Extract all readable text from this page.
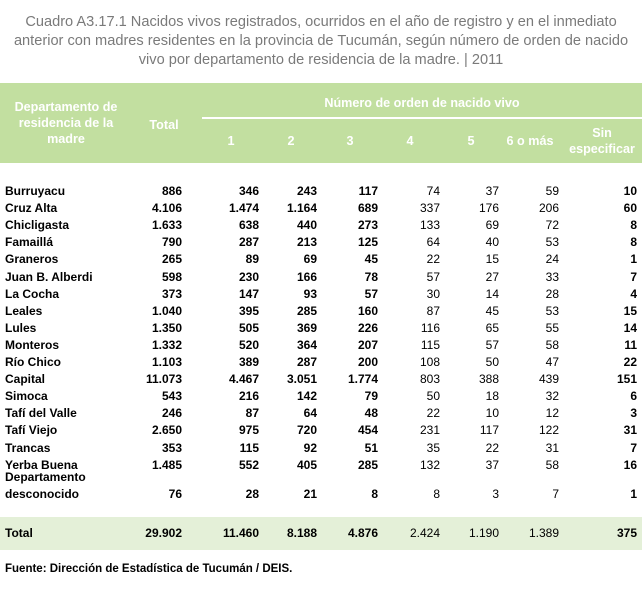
Cuadro A3.17.1 Nacidos vivos registrados, ocurridos en el año de registro y en el inmediato
anterior con madres residentes en la provincia de Tucumán, según número de orden de nacido
vivo por departamento de residencia de la madre. | 2011
Departamento de
residencia de la
madre
Total
Número de orden de nacido vivo
1	2	3	4	5	6 o más
Sin
especificar
Burruyacu	886	346	243	117	74	37	59	10
Cruz Alta	4.106	1.474	1.164	689	337	176	206	60
Chicligasta	1.633	638	440	273	133	69	72	8
Famaillá	790	287	213	125	64	40	53	8
Graneros	265	89	69	45	22	15	24	1
Juan B. Alberdi	598	230	166	78	57	27	33	7
La Cocha	373	147	93	57	30	14	28	4
Leales	1.040	395	285	160	87	45	53	15
Lules	1.350	505	369	226	116	65	55	14
Monteros	1.332	520	364	207	115	57	58	11
Río Chico	1.103	389	287	200	108	50	47	22
Capital	11.073	4.467	3.051	1.774	803	388	439	151
Simoca	543	216	142	79	50	18	32	6
Tafí del Valle	246	87	64	48	22	10	12	3
Tafí Viejo	2.650	975	720	454	231	117	122	31
Trancas	353	115	92	51	35	22	31	7
Yerba Buena	1.485	552	405	285	132	37	58	16
Departamento
desconocido	76	28	21	8	8	3	7	1
Total	29.902	11.460	8.188	4.876	2.424	1.190	1.389	375
Fuente: Dirección de Estadística de Tucumán / DEIS.
